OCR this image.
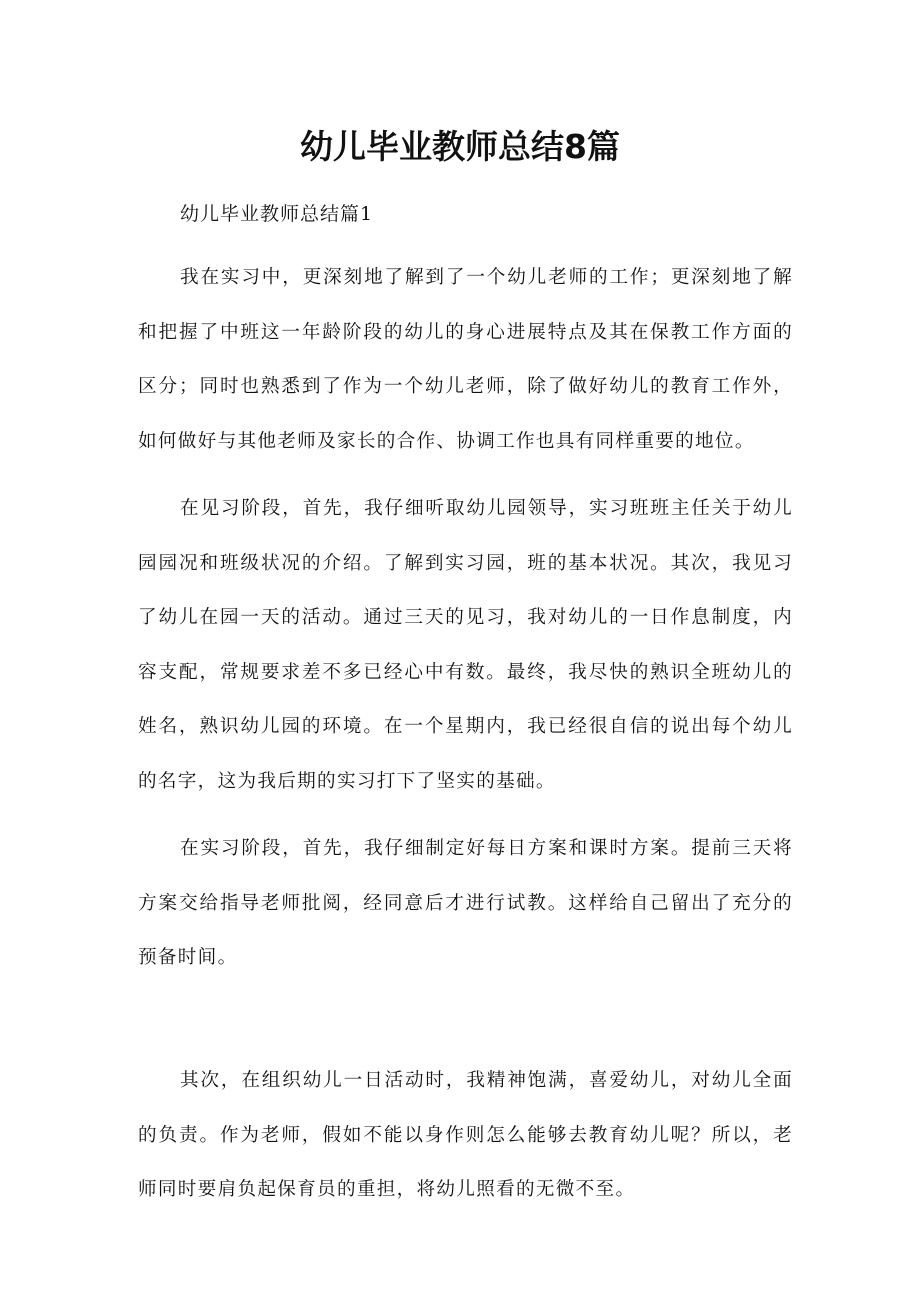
幼儿毕业教师总结8篇

幼儿毕业教师总结篇1

我在实习中，更深刻地了解到了一个幼儿老师的工作；更深刻地了解和把握了中班这一年龄阶段的幼儿的身心进展特点及其在保教工作方面的区分；同时也熟悉到了作为一个幼儿老师，除了做好幼儿的教育工作外，如何做好与其他老师及家长的合作、协调工作也具有同样重要的地位。

在见习阶段，首先，我仔细听取幼儿园领导，实习班班主任关于幼儿园园况和班级状况的介绍。了解到实习园，班的基本状况。其次，我见习了幼儿在园一天的活动。通过三天的见习，我对幼儿的一日作息制度，内容支配，常规要求差不多已经心中有数。最终，我尽快的熟识全班幼儿的姓名，熟识幼儿园的环境。在一个星期内，我已经很自信的说出每个幼儿的名字，这为我后期的实习打下了坚实的基础。

在实习阶段，首先，我仔细制定好每日方案和课时方案。提前三天将方案交给指导老师批阅，经同意后才进行试教。这样给自己留出了充分的预备时间。

其次，在组织幼儿一日活动时，我精神饱满，喜爱幼儿，对幼儿全面的负责。作为老师，假如不能以身作则怎么能够去教育幼儿呢？所以，老师同时要肩负起保育员的重担，将幼儿照看的无微不至。
